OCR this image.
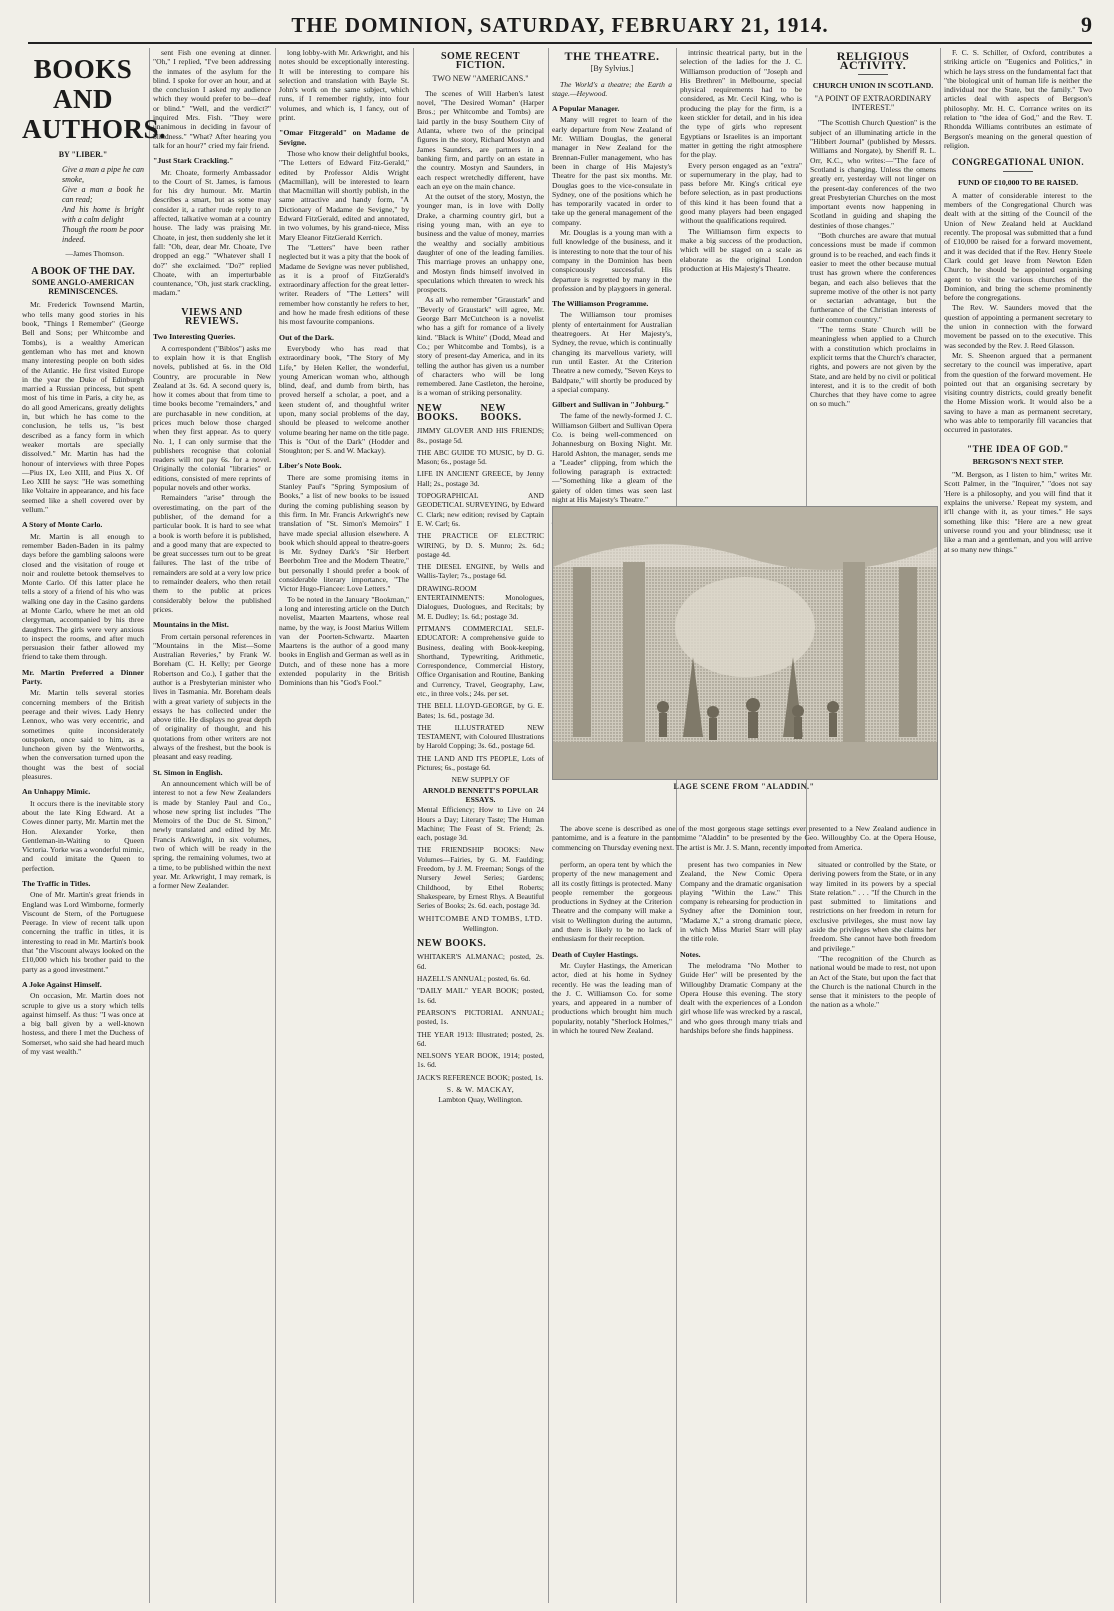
THE DOMINION, SATURDAY, FEBRUARY 21, 1914.	9
BOOKS AND AUTHORS.
BY "LIBER."
Give a man a pipe he can smoke,
Give a man a book he can read;
And his home is bright with a calm delight
Though the room be poor indeed.
—James Thomson.
A BOOK OF THE DAY.
SOME ANGLO-AMERICAN REMINISCENCES.

Mr. Frederick Townsend Martin, who tells many good stories in his book, "Things I Remember" (George Bell and Sons; per Whitcombe and Tombs), is a wealthy American gentleman who has met and known many interesting people on both sides of the Atlantic. He first visited Europe in the year the Duke of Edinburgh married a Russian princess, but spent most of his time in Paris, a city he, as do all good Americans, greatly delights in, but which he has come to the conclusion, he tells us, "is best described as a fancy form in which weaker mortals are specially dissolved." Mr. Martin has had the honour of interviews with three Popes—Pius IX, Leo XIII, and Pius X. Of Leo XIII he says: "He was something like Voltaire in appearance, and his face seemed like a shell covered over by vellum."

A Story of Monte Carlo.

Mr. Martin is all enough to remember Baden-Baden in its palmy days before the gambling saloons were closed and the visitation of rouge et noir and roulette betook themselves to Monte Carlo. Of this latter place he tells a story of a friend of his who was walking one day in the Casino gardens at Monte Carlo, where he met an old clergyman, accompanied by his three daughters. The girls were very anxious to inspect the rooms, and after much persuasion their father allowed my friend to take them through.

Mr. Martin Preferred a Dinner Party.

Mr. Martin tells several stories concerning members of the British peerage and their wives. Lady Henry Lennox, who was very eccentric, and sometimes quite inconsiderately outspoken, once said to him, as a luncheon given by the Wentworths, when the conversation turned upon the thought was the best of social pleasures.

An Unhappy Mimic.

It occurs there is the inevitable story about the late King Edward. At a Cowes dinner party, Mr. Martin met the Hon. Alexander Yorke, then Gentleman-in-Waiting to Queen Victoria. Yorke was a wonderful mimic, and could imitate the Queen to perfection.

The Traffic in Titles.

One of Mr. Martin's great friends in England was Lord Wimborne, formerly Viscount de Stern, of the Portuguese Peerage. In view of recent talk upon concerning the traffic in titles, it is interesting to read in Mr. Martin's book that "the Viscount always looked on the £10,000 which his brother paid to the party as a good investment."

A Joke Against Himself.

On occasion, Mr. Martin does not scruple to give us a story which tells against himself. As thus: "I was once at a big ball given by a well-known hostess, and there I met the Duchess of Somerset, who said she had heard much of my vast wealth."

sent Fish one evening at dinner. "Oh," I replied, "I've been addressing the inmates of the asylum for the blind. I spoke for over an hour, and at the conclusion I asked my audience which they would prefer to be—deaf or blind." "Well, and the verdict?" inquired Mrs. Fish. "They were unanimous in deciding in favour of blindness." "What? After hearing you talk for an hour?" cried my fair friend.

"Just Stark Crackling."

Mr. Choate, formerly Ambassador to the Court of St. James, is famous for his dry humour. Mr. Martin describes a smart, but as some may consider it, a rather rude reply to an affected, talkative woman at a country house. The lady was praising Mr. Choate, in jest, then suddenly she let it fall: "Oh, dear, dear Mr. Choate, I've dropped an egg." "Whatever shall I do?" she exclaimed. "Do?" replied Choate, with an imperturbable countenance, "Oh, just stark crackling, madam."

VIEWS AND REVIEWS.

Two Interesting Queries.

A correspondent ("Biblos") asks me to explain how it is that English novels, published at 6s. in the Old Country, are procurable in New Zealand at 3s. 6d. A second query is, how it comes about that from time to time books become "remainders," and are purchasable in new condition, at prices much below those charged when they first appear. As to query No. 1, I can only surmise that the publishers recognise that colonial readers will not pay 6s. for a novel. Originally the colonial "libraries" or editions, consisted of mere reprints of popular novels and other works.

Remainders "arise" through the overestimating, on the part of the publisher, of the demand for a particular book. It is hard to see what a book is worth before it is published, and a good many that are expected to be great successes turn out to be great failures. The last of the tribe of remainders are sold at a very low price to remainder dealers, who then retail them to the public at prices considerably below the published prices.

Mountains in the Mist.

From certain personal references in "Mountains in the Mist—Some Australian Reveries," by Frank W. Boreham (C. H. Kelly; per George Robertson and Co.), I gather that the author is a Presbyterian minister who lives in Tasmania. Mr. Boreham deals with a great variety of subjects in the essays he has collected under the above title. He displays no great depth of originality of thought, and his quotations from other writers are not always of the freshest, but the book is pleasant and easy reading.

St. Simon in English.

An announcement which will be of interest to not a few New Zealanders is made by Stanley Paul and Co., whose new spring list includes "The Memoirs of the Duc de St. Simon," newly translated and edited by Mr. Francis Arkwright, in six volumes, two of which will be ready in the spring, the remaining volumes, two at a time, to be published within the next year. Mr. Arkwright, I may remark, is a former New Zealander.

long lobby-with Mr. Arkwright, and his notes should be exceptionally interesting. It will be interesting to compare his selection and translation with Bayle St. John's work on the same subject, which runs, if I remember rightly, into four volumes, and which is, I fancy, out of print.

"Omar Fitzgerald" on Madame de Sevigne.

Those who know their delightful books, "The Letters of Edward Fitz-Gerald," edited by Professor Aldis Wright (Macmillan), will be interested to learn that Macmillan will shortly publish, in the same attractive and handy form, "A Dictionary of Madame de Sevigne," by Edward FitzGerald, edited and annotated, in two volumes, by his grand-niece, Miss Mary Eleanor FitzGerald Kerrich.

The "Letters" have been rather neglected but it was a pity that the book of Madame de Sevigne was never published, as it is a proof of FitzGerald's extraordinary affection for the great letter-writer. Readers of "The Letters" will remember how constantly he refers to her, and how he made fresh editions of these his most favourite companions.

Out of the Dark.

Everybody who has read that extraordinary book, "The Story of My Life," by Helen Keller, the wonderful, young American woman who, although blind, deaf, and dumb from birth, has proved herself a scholar, a poet, and a keen student of, and thoughtful writer upon, many social problems of the day, should be pleased to welcome another volume bearing her name on the title page. This is "Out of the Dark" (Hodder and Stoughton; per S. and W. Mackay).

Liber's Note Book.

There are some promising items in Stanley Paul's "Spring Symposium of Books," a list of new books to be issued during the coming publishing season by this firm. In Mr. Francis Arkwright's new translation of "St. Simon's Memoirs" I have made special allusion elsewhere. A book which should appeal to theatre-goers is Mr. Sydney Dark's "Sir Herbert Beerbohm Tree and the Modern Theatre," but personally I should prefer a book of considerable literary importance, "The Victor Hugo-Fiancee: Love Letters."

To be noted in the January "Bookman," a long and interesting article on the Dutch novelist, Maarten Maartens, whose real name, by the way, is Joost Marius Willem van der Poorten-Schwartz. Maarten Maartens is the author of a good many books in English and German as well as in Dutch, and of these none has a more extended popularity in the British Dominions than his "God's Fool."

SOME RECENT FICTION.
TWO NEW "AMERICANS."

The scenes of Will Harben's latest novel, "The Desired Woman" (Harper Bros.; per Whitcombe and Tombs) are laid partly in the busy Southern City of Atlanta, where two of the principal figures in the story, Richard Mostyn and James Saunders, are partners in a banking firm, and partly on an estate in the country. Mostyn and Saunders, in each respect wretchedly different, have each an eye on the main chance.

At the outset of the story, Mostyn, the younger man, is in love with Dolly Drake, a charming country girl, but a rising young man, with an eye to business and the value of money, marries the wealthy and socially ambitious daughter of one of the leading families. This marriage proves an unhappy one, and Mostyn finds himself involved in speculations which threaten to wreck his prospects.

As all who remember "Graustark" and "Beverly of Graustark" will agree, Mr. George Barr McCutcheon is a novelist who has a gift for romance of a lively kind. "Black is White" (Dodd, Mead and Co.; per Whitcombe and Tombs), is a story of present-day America, and in its telling the author has given us a number of characters who will be long remembered. Jane Castleton, the heroine, is a woman of striking personality.

NEW BOOKS.
NEW BOOKS.

JIMMY GLOVER AND HIS FRIENDS; 8s., postage 5d.

THE ABC GUIDE TO MUSIC, by D. G. Mason; 6s., postage 5d.

LIFE IN ANCIENT GREECE, by Jenny Hall; 2s., postage 3d.

TOPOGRAPHICAL AND GEODETICAL SURVEYING, by Edward C. Clark; new edition; revised by Captain E. W. Carl; 6s.

THE PRACTICE OF ELECTRIC WIRING, by D. S. Munro; 2s. 6d.; postage 4d.

THE DIESEL ENGINE, by Wells and Wallis-Tayler; 7s., postage 6d.

DRAWING-ROOM ENTERTAINMENTS: Monologues, Dialogues, Duologues, and Recitals; by M. E. Dudley; 1s. 6d.; postage 3d.

PITMAN'S COMMERCIAL SELF-EDUCATOR: A comprehensive guide to Business, dealing with Book-keeping, Shorthand, Typewriting, Arithmetic, Correspondence, Commercial History, Office Organisation and Routine, Banking and Currency, Travel, Geography, Law, etc., in three vols.; 24s. per set.

THE BELL LLOYD-GEORGE, by G. E. Bates; 1s. 6d., postage 3d.

THE ILLUSTRATED NEW TESTAMENT, with Coloured Illustrations by Harold Copping; 3s. 6d., postage 6d.

THE LAND AND ITS PEOPLE, Lots of Pictures; 6s., postage 6d.

NEW SUPPLY OF

ARNOLD BENNETT'S POPULAR ESSAYS.

Mental Efficiency; How to Live on 24 Hours a Day; Literary Taste; The Human Machine; The Feast of St. Friend; 2s. each, postage 3d.

THE FRIENDSHIP BOOKS: New Volumes—Fairies, by G. M. Faulding; Freedom, by J. M. Freeman; Songs of the Nursery Jewel Series; Gardens; Childhood, by Ethel Roberts; Shakespeare, by Ernest Rhys. A Beautiful Series of Books; 2s. 6d. each, postage 3d.

WHITCOMBE AND TOMBS, LTD.

Wellington.

NEW BOOKS.

WHITAKER'S ALMANAC; posted, 2s. 6d.

HAZELL'S ANNUAL; posted, 6s. 6d.

"DAILY MAIL" YEAR BOOK; posted, 1s. 6d.

PEARSON'S PICTORIAL ANNUAL; posted, 1s.

THE YEAR 1913: Illustrated; posted, 2s. 6d.

NELSON'S YEAR BOOK, 1914; posted, 1s. 6d.

JACK'S REFERENCE BOOK; posted, 1s.

S. & W. MACKAY,

Lambton Quay, Wellington.

THE THEATRE.
[By Sylvius.]

The World's a theatre; the Earth a stage.—Heywood.

A Popular Manager.

Many will regret to learn of the early departure from New Zealand of Mr. William Douglas, the general manager in New Zealand for the Brennan-Fuller management, who has been in charge of His Majesty's Theatre for the past six months. Mr. Douglas goes to the vice-consulate in Sydney, one of the positions which he has temporarily vacated in order to take up the general management of the company.

Mr. Douglas is a young man with a full knowledge of the business, and it is interesting to note that the tour of his company in the Dominion has been conspicuously successful. His departure is regretted by many in the profession and by playgoers in general.

The Williamson Programme.

The Williamson tour promises plenty of entertainment for Australian theatregoers. At Her Majesty's, Sydney, the revue, which is continually changing its marvellous variety, will run until Easter. At the Criterion Theatre a new comedy, "Seven Keys to Baldpate," will shortly be produced by a special company.

Gilbert and Sullivan in "Johburg."

The fame of the newly-formed J. C. Williamson Gilbert and Sullivan Opera Co. is being well-commenced on Johannesburg on Boxing Night. Mr. Harold Ashton, the manager, sends me a "Leader" clipping, from which the following paragraph is extracted:—"Something like a gleam of the gaiety of olden times was seen last night at His Majesty's Theatre."

intrinsic theatrical party, but in the selection of the ladies for the J. C. Williamson production of "Joseph and His Brethren" in Melbourne, special physical requirements had to be considered, as Mr. Cecil King, who is producing the play for the firm, is a keen stickler for detail, and in his idea the type of girls who represent Egyptians or Israelites is an important matter in getting the right atmosphere for the play.

Every person engaged as an "extra" or supernumerary in the play, had to pass before Mr. King's critical eye before selection, as in past productions of this kind it has been found that a good many players had been engaged without the qualifications required.

The Williamson firm expects to make a big success of the production, which will be staged on a scale as elaborate as the original London production at His Majesty's Theatre.

RELIGIOUS ACTIVITY.
CHURCH UNION IN SCOTLAND.
"A POINT OF EXTRAORDINARY INTEREST."

"The Scottish Church Question" is the subject of an illuminating article in the "Hibbert Journal" (published by Messrs. Williams and Norgate), by Sheriff R. L. Orr, K.C., who writes:—"The face of Scotland is changing. Unless the omens greatly err, yesterday will not linger on the present-day conferences of the two great Presbyterian Churches on the most important events now happening in Scotland in guiding and shaping the destinies of those changes."

"Both churches are aware that mutual concessions must be made if common ground is to be reached, and each finds it easier to meet the other because mutual trust has grown where the conferences began, and each also believes that the supreme motive of the other is not party or sectarian advantage, but the furtherance of the Christian interests of their common country."

"The terms State Church will be meaningless when applied to a Church with a constitution which proclaims in explicit terms that the Church's character, rights, and powers are not given by the State, and are held by no civil or political interest, and it is to the credit of both Churches that they have come to agree on so much."

F. C. S. Schiller, of Oxford, contributes a striking article on "Eugenics and Politics," in which he lays stress on the fundamental fact that "the biological unit of human life is neither the individual nor the State, but the family." Two articles deal with aspects of Bergson's philosophy. Mr. H. C. Corrance writes on its relation to "the idea of God," and the Rev. T. Rhondda Williams contributes an estimate of Bergson's meaning on the general question of religion.

CONGREGATIONAL UNION.
FUND OF £10,000 TO BE RAISED.

A matter of considerable interest to the members of the Congregational Church was dealt with at the sitting of the Council of the Union of New Zealand held at Auckland recently. The proposal was submitted that a fund of £10,000 be raised for a forward movement, and it was decided that if the Rev. Henry Steele Clark could get leave from Newton Eden Church, he should be appointed organising agent to visit the various churches of the Dominion, and bring the scheme prominently before the congregations.

The Rev. W. Saunders moved that the question of appointing a permanent secretary to the union in connection with the forward movement be passed on to the executive. This was seconded by the Rev. J. Reed Glasson.

Mr. S. Sheenon argued that a permanent secretary to the council was imperative, apart from the question of the forward movement. He pointed out that an organising secretary by visiting country districts, could greatly benefit the Home Mission work. It would also be a saving to have a man as permanent secretary, who was able to temporarily fill vacancies that occurred in pastorates.

"THE IDEA OF GOD."
BERGSON'S NEXT STEP.

"M. Bergson, as I listen to him," writes Mr. Scott Palmer, in the "Inquirer," "does not say 'Here is a philosophy, and you will find that it explains the universe.' Repeat my system, and it'll change with it, as your times." He says something like this: "Here are a new great universe round you and your blindness; use it like a man and a gentleman, and you will arrive at so many new things."

LAGE SCENE FROM "ALADDIN."

The above scene is described as one of the most gorgeous stage settings ever presented to a New Zealand audience in pantomime, and is a feature in the pantomime "Aladdin" to be presented by the Geo. Willoughby Co. at the Opera House, commencing on Thursday evening next. The artist is Mr. J. S. Mann, recently imported from America.

perform, an opera tent by which the property of the new management and all its costly fittings is protected. Many people remember the gorgeous productions in Sydney at the Criterion Theatre and the company will make a visit to Wellington during the autumn, and there is likely to be no lack of enthusiasm for their reception.

Death of Cuyler Hastings.

Mr. Cuyler Hastings, the American actor, died at his home in Sydney recently. He was the leading man of the J. C. Williamson Co. for some years, and appeared in a number of productions which brought him much popularity, notably "Sherlock Holmes," in which he toured New Zealand.

present has two companies in New Zealand, the New Comic Opera Company and the dramatic organisation playing "Within the Law." This company is rehearsing for production in Sydney after the Dominion tour, "Madame X," a strong dramatic piece, in which Miss Muriel Starr will play the title role.

Notes.

The melodrama "No Mother to Guide Her" will be presented by the Willoughby Dramatic Company at the Opera House this evening. The story dealt with the experiences of a London girl whose life was wrecked by a rascal, and who goes through many trials and hardships before she finds happiness.

situated or controlled by the State, or deriving powers from the State, or in any way limited in its powers by a special State relation." . . . "If the Church in the past submitted to limitations and restrictions on her freedom in return for exclusive privileges, she must now lay aside the privileges when she claims her freedom. She cannot have both freedom and privilege."

"The recognition of the Church as national would be made to rest, not upon an Act of the State, but upon the fact that the Church is the national Church in the sense that it ministers to the people of the nation as a whole."
